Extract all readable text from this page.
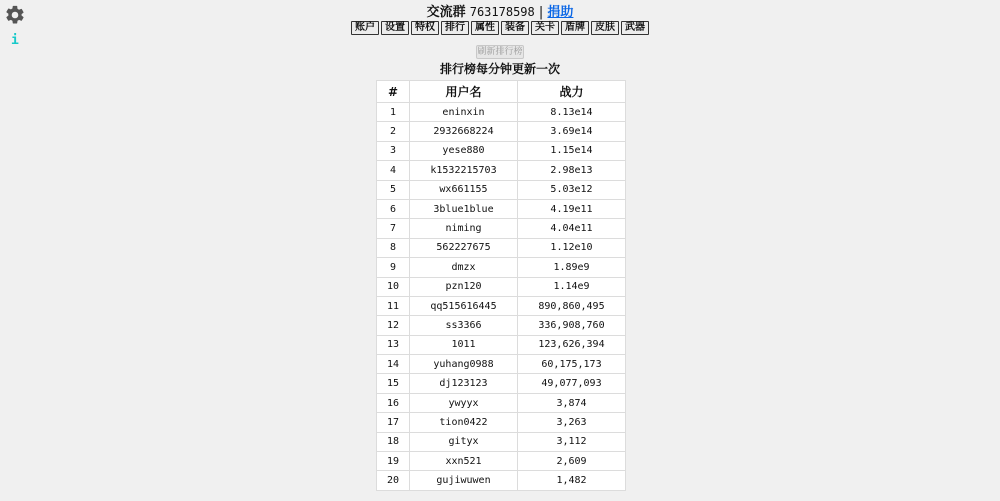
i
交流群 763178598 | 捐助
账户 设置 特权 排行 属性 装备 关卡 盾牌 皮肤 武器
刷新排行榜
排行榜每分钟更新一次
#	用户名	战力
1	eninxin	8.13e14
2	2932668224	3.69e14
3	yese880	1.15e14
4	k1532215703	2.98e13
5	wx661155	5.03e12
6	3blue1blue	4.19e11
7	niming	4.04e11
8	562227675	1.12e10
9	dmzx	1.89e9
10	pzn120	1.14e9
11	qq515616445	890,860,495
12	ss3366	336,908,760
13	1011	123,626,394
14	yuhang0988	60,175,173
15	dj123123	49,077,093
16	ywyyx	3,874
17	tion0422	3,263
18	gityx	3,112
19	xxn521	2,609
20	gujiwuwen	1,482
